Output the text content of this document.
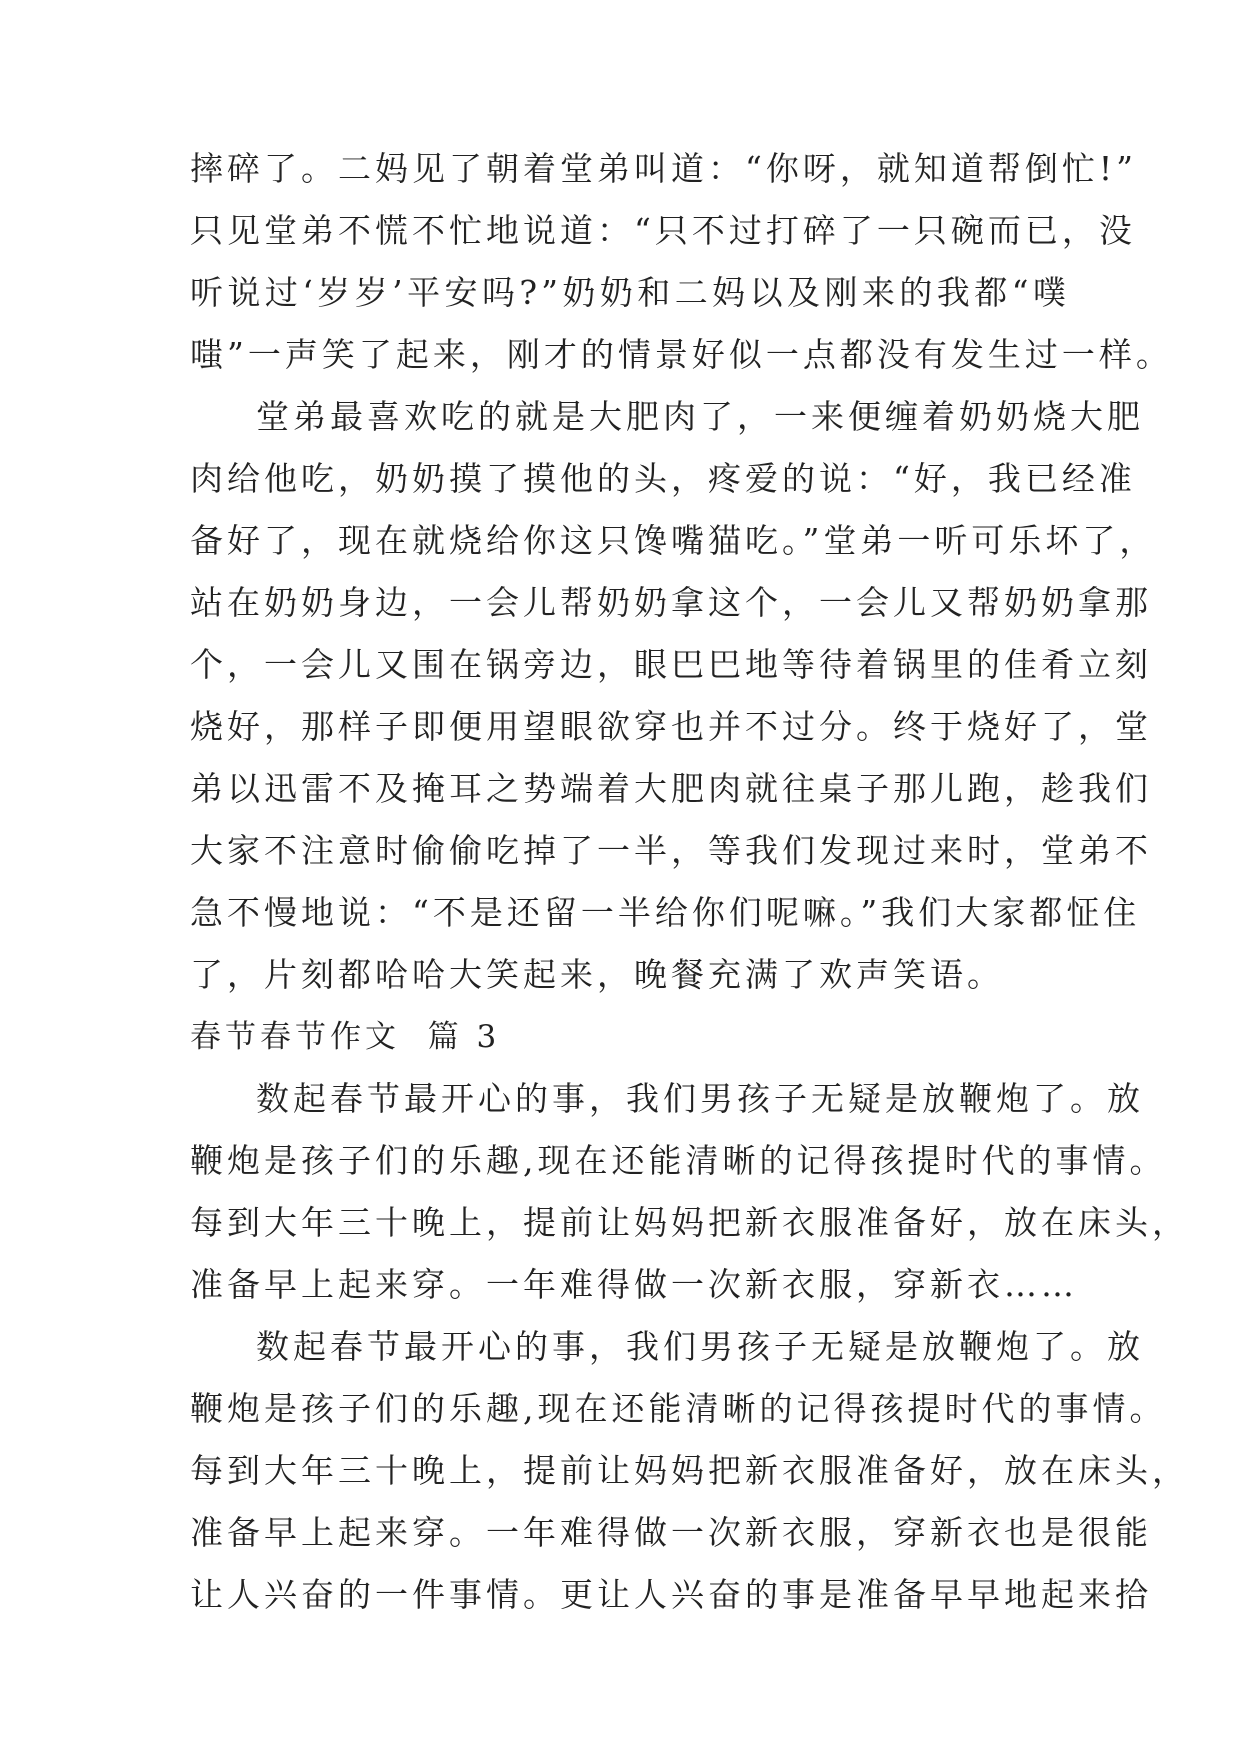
摔碎了。二妈见了朝着堂弟叫道：“你呀，就知道帮倒忙!”
只见堂弟不慌不忙地说道：“只不过打碎了一只碗而已，没
听说过‘岁岁’平安吗?”奶奶和二妈以及刚来的我都“噗
嗤”一声笑了起来，刚才的情景好似一点都没有发生过一样。
堂弟最喜欢吃的就是大肥肉了，一来便缠着奶奶烧大肥
肉给他吃，奶奶摸了摸他的头，疼爱的说：“好，我已经准
备好了，现在就烧给你这只馋嘴猫吃。”堂弟一听可乐坏了，
站在奶奶身边，一会儿帮奶奶拿这个，一会儿又帮奶奶拿那
个，一会儿又围在锅旁边，眼巴巴地等待着锅里的佳肴立刻
烧好，那样子即便用望眼欲穿也并不过分。终于烧好了，堂
弟以迅雷不及掩耳之势端着大肥肉就往桌子那儿跑，趁我们
大家不注意时偷偷吃掉了一半，等我们发现过来时，堂弟不
急不慢地说：“不是还留一半给你们呢嘛。”我们大家都怔住
了，片刻都哈哈大笑起来，晚餐充满了欢声笑语。
春节春节作文  篇 3
数起春节最开心的事，我们男孩子无疑是放鞭炮了。放
鞭炮是孩子们的乐趣,现在还能清晰的记得孩提时代的事情。
每到大年三十晚上，提前让妈妈把新衣服准备好，放在床头，
准备早上起来穿。一年难得做一次新衣服，穿新衣……
数起春节最开心的事，我们男孩子无疑是放鞭炮了。放
鞭炮是孩子们的乐趣,现在还能清晰的记得孩提时代的事情。
每到大年三十晚上，提前让妈妈把新衣服准备好，放在床头，
准备早上起来穿。一年难得做一次新衣服，穿新衣也是很能
让人兴奋的一件事情。更让人兴奋的事是准备早早地起来拾
